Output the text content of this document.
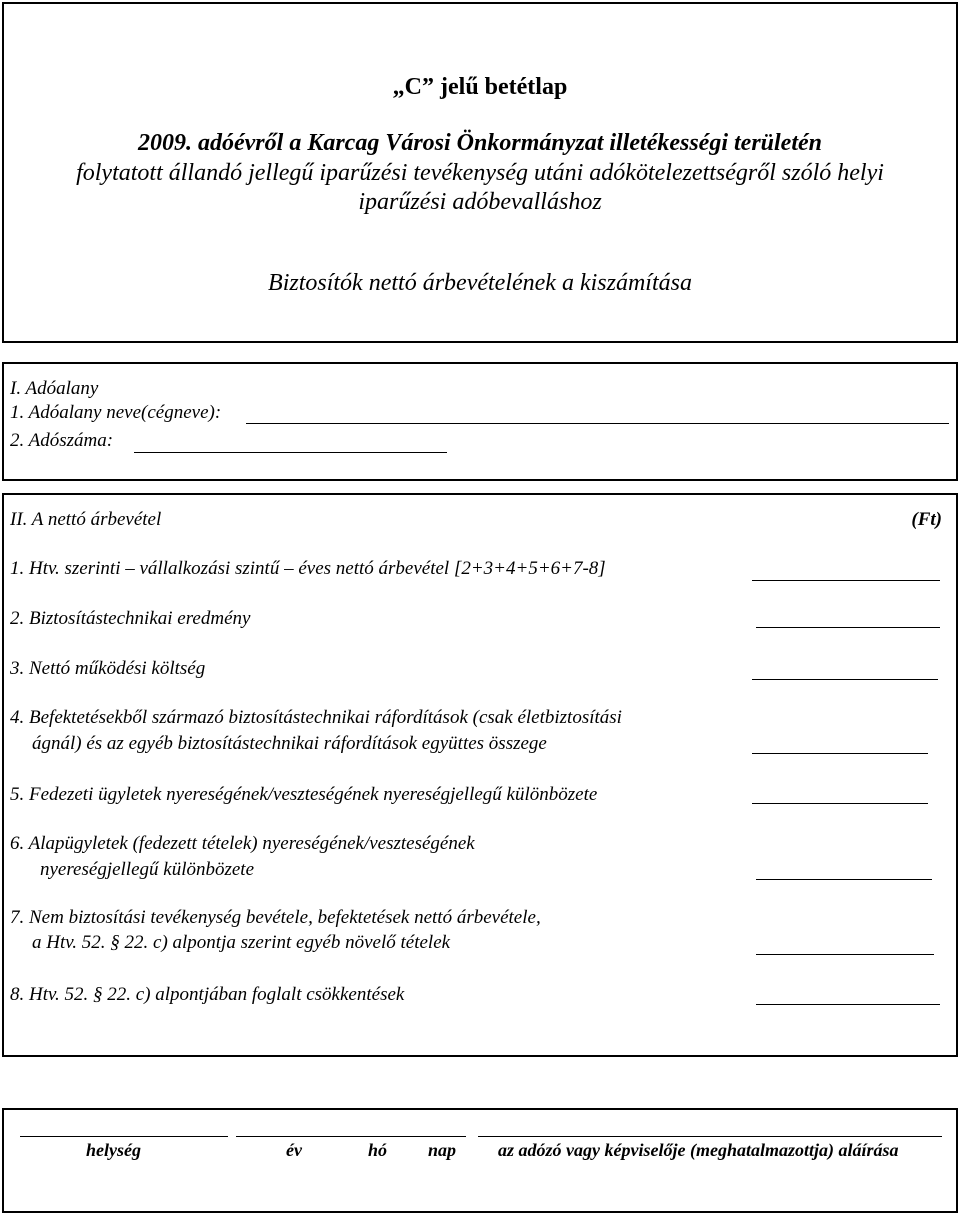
„C” jelű betétlap
2009. adóévről a Karcag Városi Önkormányzat illetékességi területén
folytatott állandó jellegű iparűzési tevékenység utáni adókötelezettségről szóló helyi
iparűzési adóbevalláshoz
Biztosítók nettó árbevételének a kiszámítása
I. Adóalany
1. Adóalany neve(cégneve):
2. Adószáma:
II. A nettó árbevétel	(Ft)
1. Htv. szerinti – vállalkozási szintű – éves nettó árbevétel [2+3+4+5+6+7-8]
2. Biztosítástechnikai eredmény
3. Nettó működési költség
4. Befektetésekből származó biztosítástechnikai ráfordítások (csak életbiztosítási
ágnál) és az egyéb biztosítástechnikai ráfordítások együttes összege
5. Fedezeti ügyletek nyereségének/veszteségének nyereségjellegű különbözete
6. Alapügyletek (fedezett tételek) nyereségének/veszteségének
nyereségjellegű különbözete
7. Nem biztosítási tevékenység bevétele, befektetések nettó árbevétele,
a Htv. 52. § 22. c) alpontja szerint egyéb növelő tételek
8. Htv. 52. § 22. c) alpontjában foglalt csökkentések
helység	év	hó nap az adózó vagy képviselője (meghatalmazottja) aláírása
